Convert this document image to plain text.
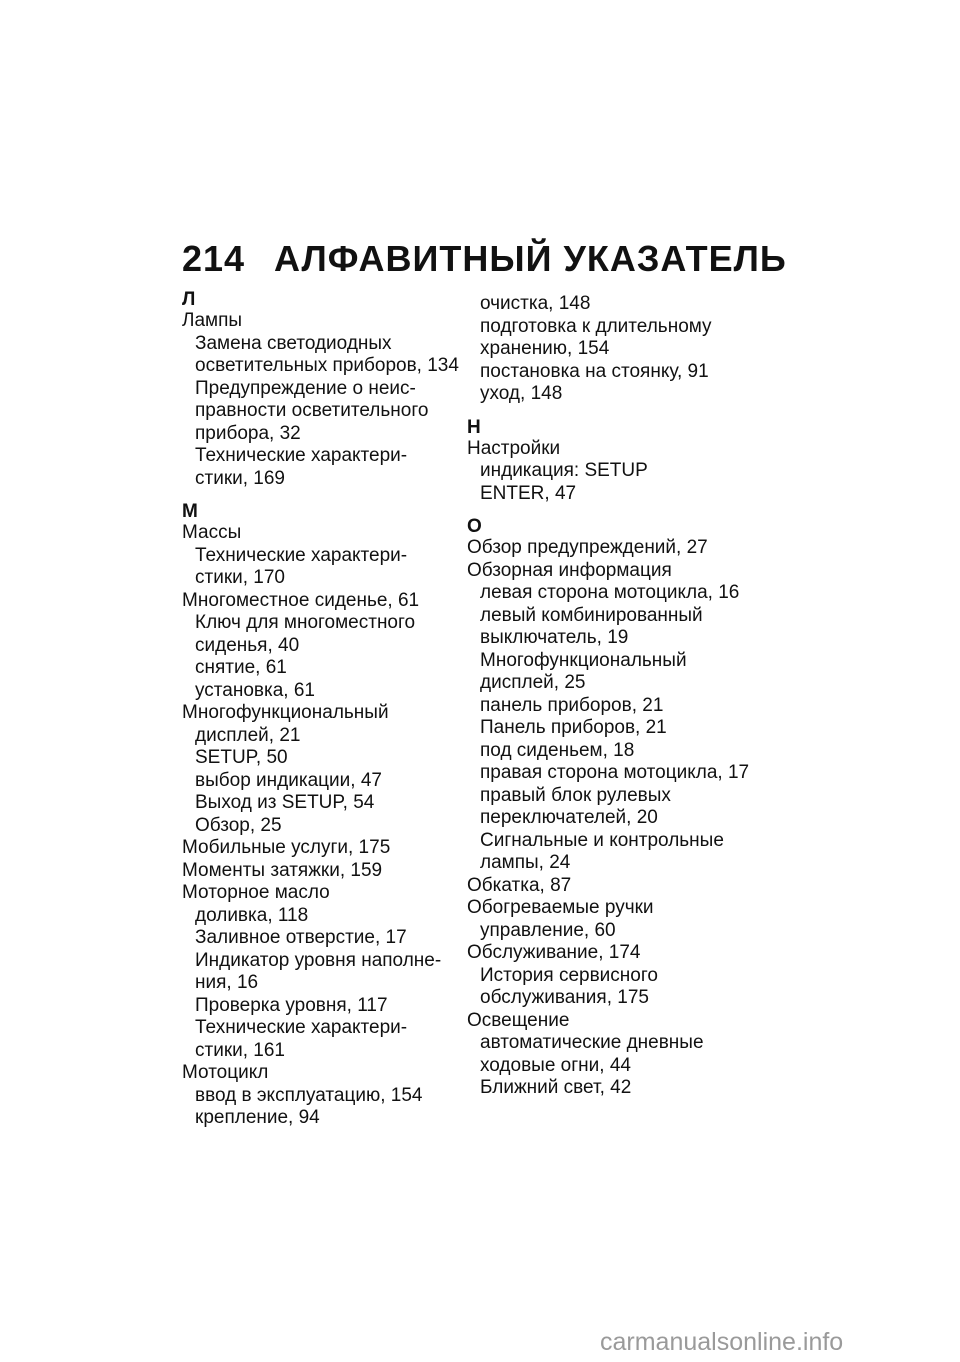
214 АЛФАВИТНЫЙ УКАЗАТЕЛЬ
Л
Лампы
Замена светодиодных
осветительных приборов, 134
Предупреждение о неис-
правности осветительного
прибора, 32
Технические характери-
стики, 169
М
Массы
Технические характери-
стики, 170
Многоместное сиденье, 61
Ключ для многоместного
сиденья, 40
снятие, 61
установка, 61
Многофункциональный
дисплей, 21
SETUP, 50
выбор индикации, 47
Выход из SETUP, 54
Обзор, 25
Мобильные услуги, 175
Моменты затяжки, 159
Моторное масло
доливка, 118
Заливное отверстие, 17
Индикатор уровня наполне-
ния, 16
Проверка уровня, 117
Технические характери-
стики, 161
Мотоцикл
ввод в эксплуатацию, 154
крепление, 94
очистка, 148
подготовка к длительному
хранению, 154
постановка на стоянку, 91
уход, 148
Н
Настройки
индикация: SETUP
ENTER, 47
О
Обзор предупреждений, 27
Обзорная информация
левая сторона мотоцикла, 16
левый комбинированный
выключатель, 19
Многофункциональный
дисплей, 25
панель приборов, 21
Панель приборов, 21
под сиденьем, 18
правая сторона мотоцикла, 17
правый блок рулевых
переключателей, 20
Сигнальные и контрольные
лампы, 24
Обкатка, 87
Обогреваемые ручки
управление, 60
Обслуживание, 174
История сервисного
обслуживания, 175
Освещение
автоматические дневные
ходовые огни, 44
Ближний свет, 42
carmanualsonline.info
